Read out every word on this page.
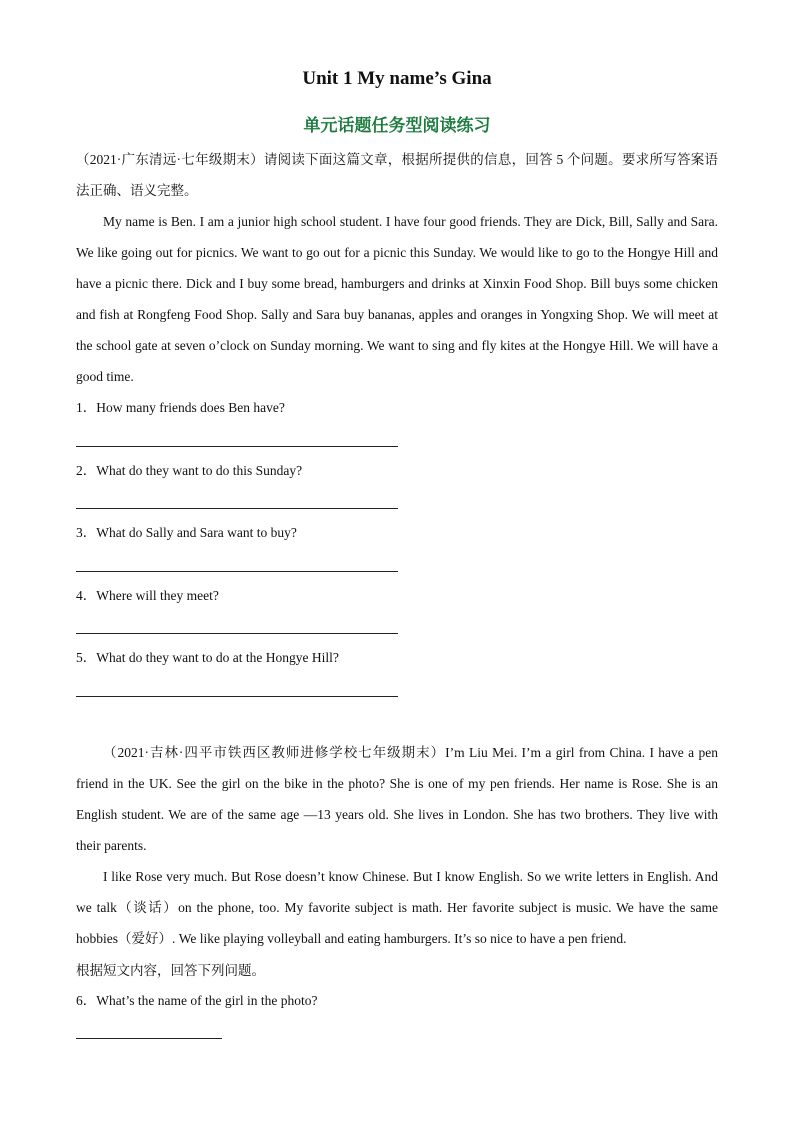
Unit 1 My name’s Gina
单元话题任务型阅读练习
（2021·广东清远·七年级期末）请阅读下面这篇文章，根据所提供的信息，回答 5 个问题。要求所写答案语法正确、语义完整。
My name is Ben. I am a junior high school student. I have four good friends. They are Dick, Bill, Sally and Sara. We like going out for picnics. We want to go out for a picnic this Sunday. We would like to go to the Hongye Hill and have a picnic there. Dick and I buy some bread, hamburgers and drinks at Xinxin Food Shop. Bill buys some chicken and fish at Rongfeng Food Shop. Sally and Sara buy bananas, apples and oranges in Yongxing Shop. We will meet at the school gate at seven o’clock on Sunday morning. We want to sing and fly kites at the Hongye Hill. We will have a good time.
1．How many friends does Ben have?
2．What do they want to do this Sunday?
3．What do Sally and Sara want to buy?
4．Where will they meet?
5．What do they want to do at the Hongye Hill?
（2021·吉林·四平市铁西区教师进修学校七年级期末）I’m Liu Mei. I’m a girl from China. I have a pen friend in the UK. See the girl on the bike in the photo? She is one of my pen friends. Her name is Rose. She is an English student. We are of the same age —13 years old. She lives in London. She has two brothers. They live with their parents.
I like Rose very much. But Rose doesn’t know Chinese. But I know English. So we write letters in English. And we talk（谈话）on the phone, too. My favorite subject is math. Her favorite subject is music. We have the same hobbies（爱好）. We like playing volleyball and eating hamburgers. It’s so nice to have a pen friend.
根据短文内容，回答下列问题。
6．What’s the name of the girl in the photo?
